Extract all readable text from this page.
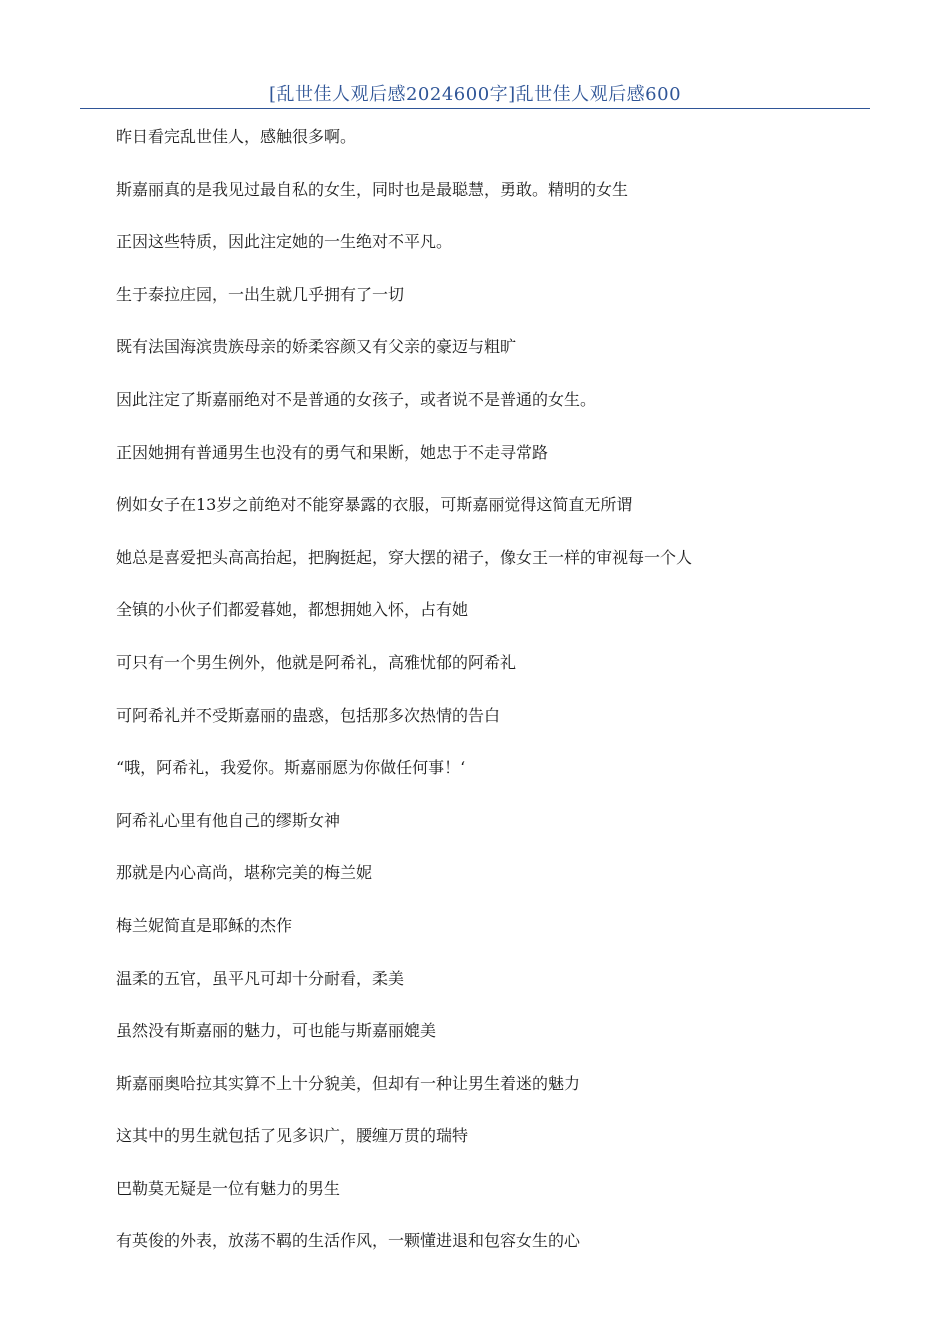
[乱世佳人观后感2024600字]乱世佳人观后感600
昨日看完乱世佳人，感触很多啊。
斯嘉丽真的是我见过最自私的女生，同时也是最聪慧，勇敢。精明的女生
正因这些特质，因此注定她的一生绝对不平凡。
生于泰拉庄园，一出生就几乎拥有了一切
既有法国海滨贵族母亲的娇柔容颜又有父亲的豪迈与粗旷
因此注定了斯嘉丽绝对不是普通的女孩子，或者说不是普通的女生。
正因她拥有普通男生也没有的勇气和果断，她忠于不走寻常路
例如女子在13岁之前绝对不能穿暴露的衣服，可斯嘉丽觉得这简直无所谓
她总是喜爱把头高高抬起，把胸挺起，穿大摆的裙子，像女王一样的审视每一个人
全镇的小伙子们都爱暮她，都想拥她入怀，占有她
可只有一个男生例外，他就是阿希礼，高雅忧郁的阿希礼
可阿希礼并不受斯嘉丽的蛊惑，包括那多次热情的告白
“哦，阿希礼，我爱你。斯嘉丽愿为你做任何事！‘
阿希礼心里有他自己的缪斯女神
那就是内心高尚，堪称完美的梅兰妮
梅兰妮简直是耶稣的杰作
温柔的五官，虽平凡可却十分耐看，柔美
虽然没有斯嘉丽的魅力，可也能与斯嘉丽媲美
斯嘉丽奥哈拉其实算不上十分貌美，但却有一种让男生着迷的魅力
这其中的男生就包括了见多识广，腰缠万贯的瑞特
巴勒莫无疑是一位有魅力的男生
有英俊的外表，放荡不羁的生活作风，一颗懂进退和包容女生的心
